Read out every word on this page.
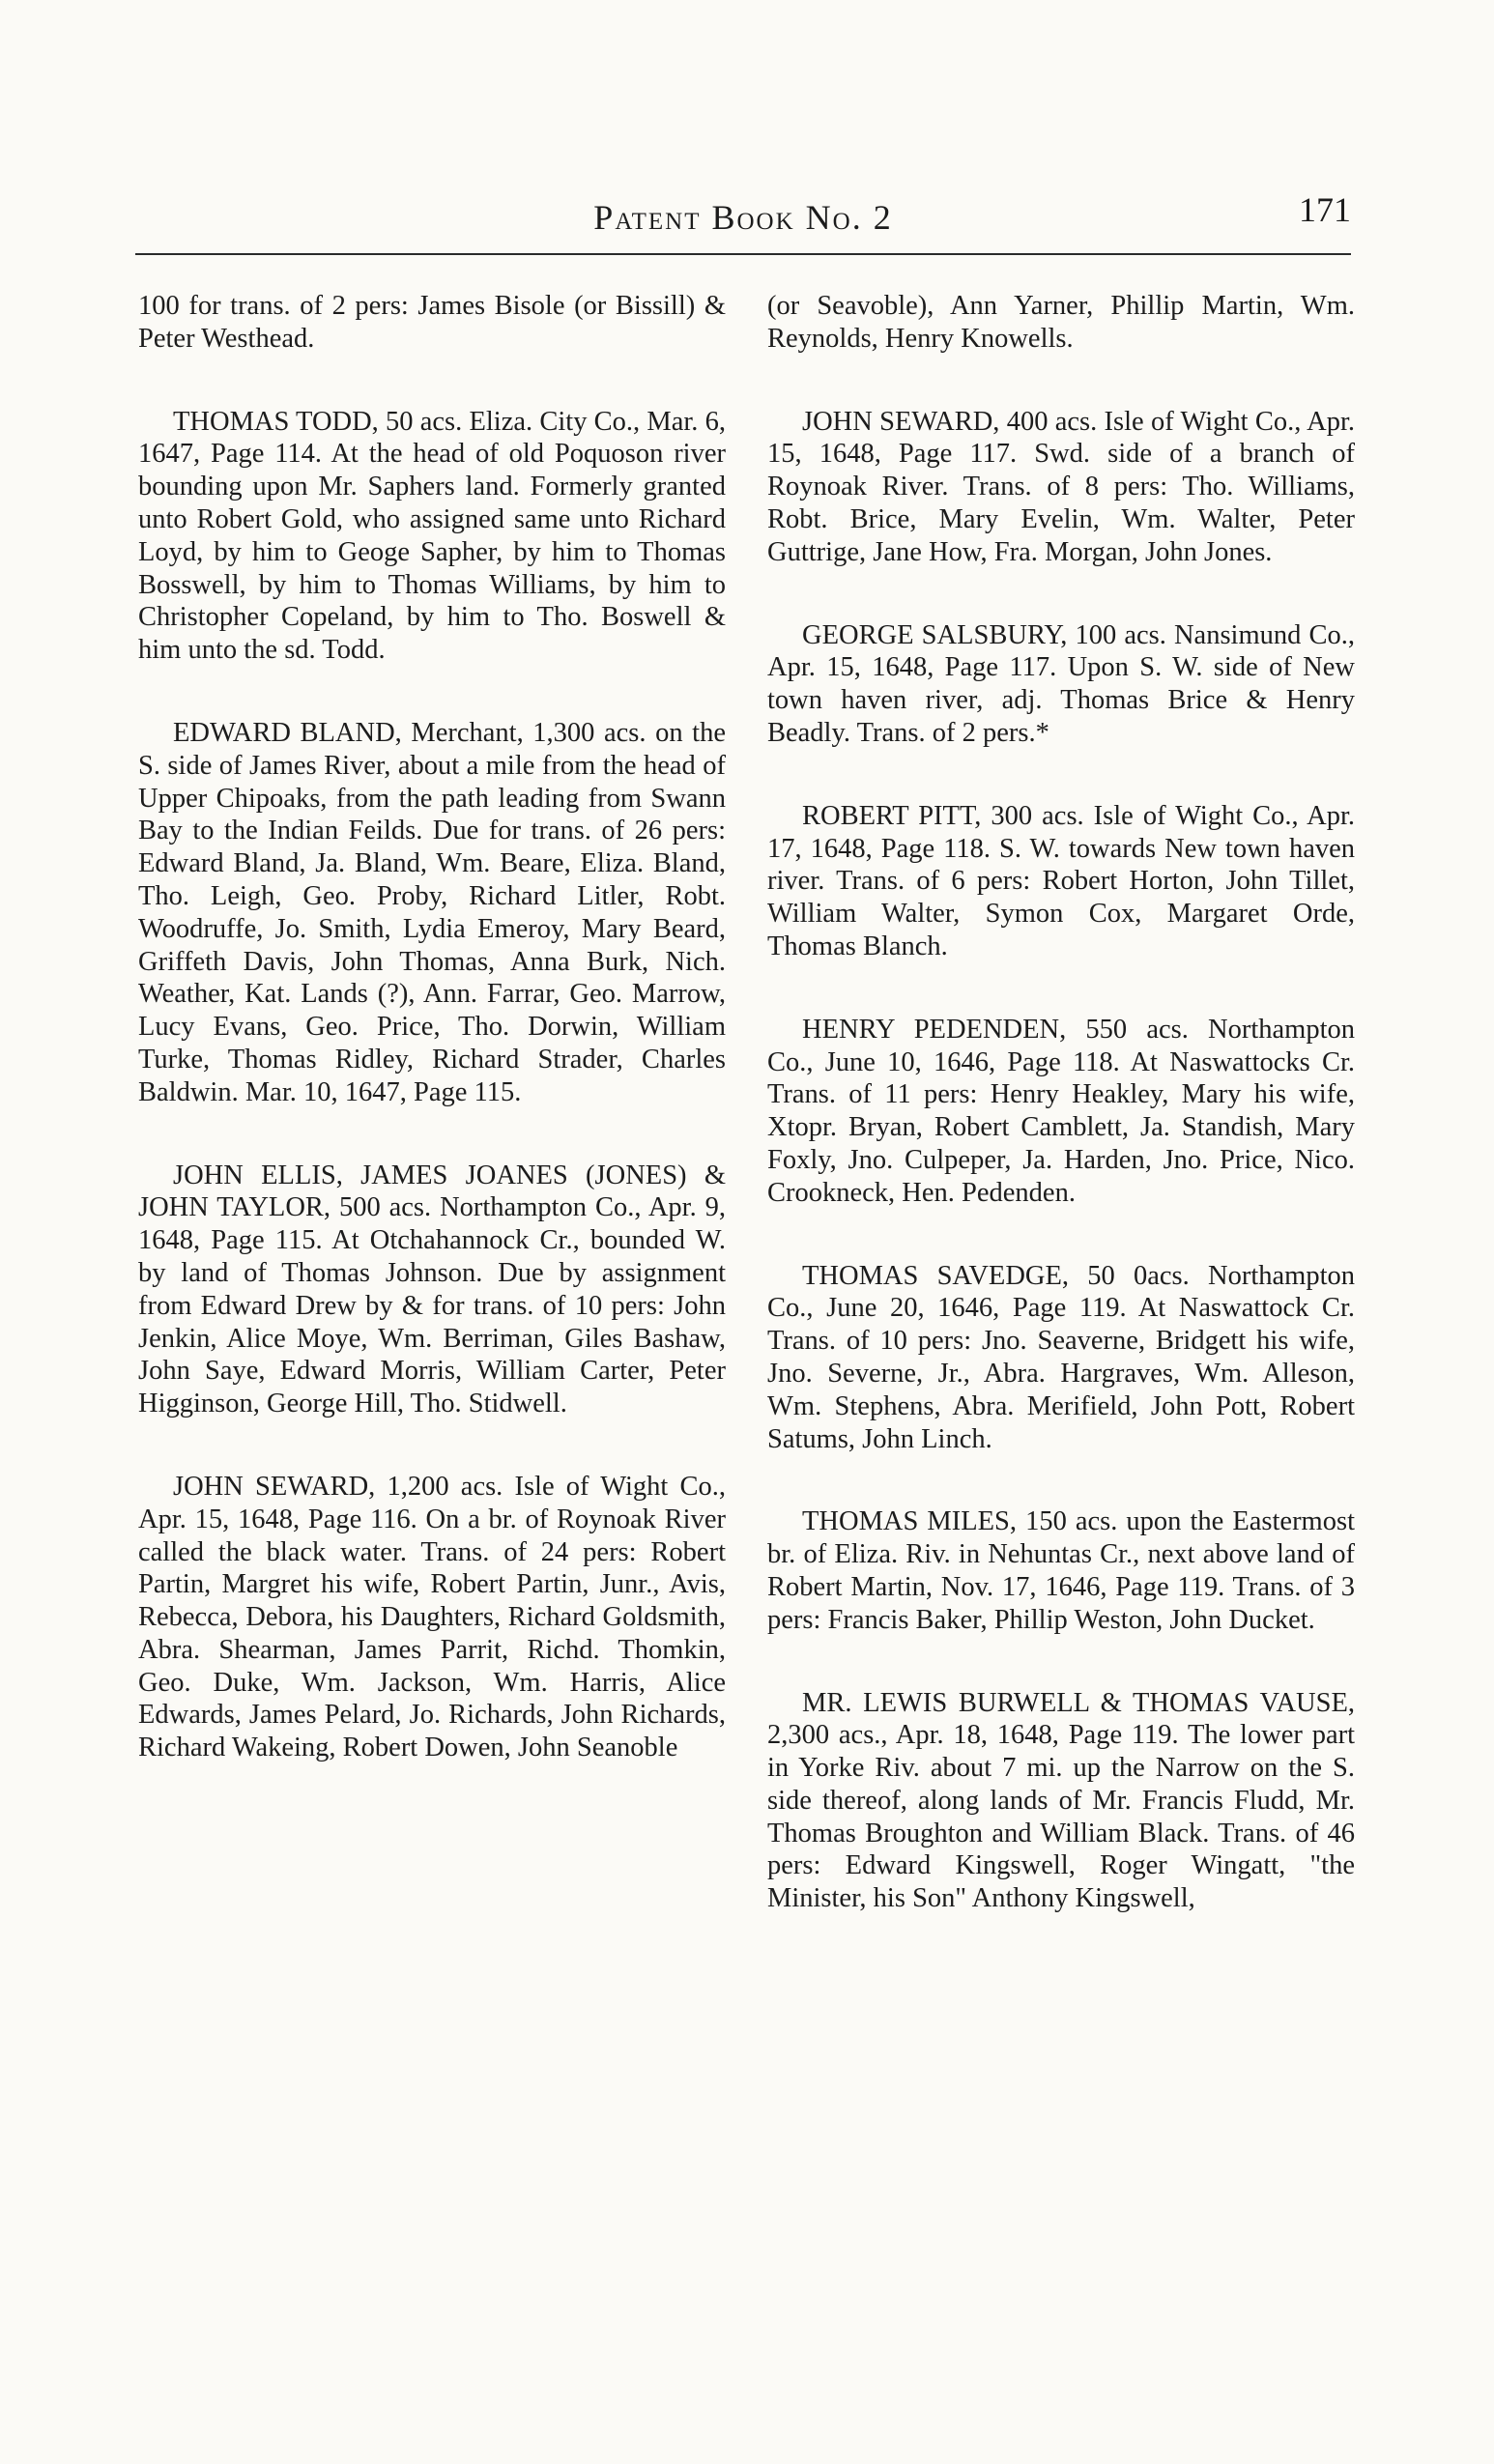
Patent Book No. 2	171

100 for trans. of 2 pers: James Bisole (or Bissill) & Peter Westhead.

THOMAS TODD, 50 acs. Eliza. City Co., Mar. 6, 1647, Page 114. At the head of old Poquoson river bounding upon Mr. Saphers land. Formerly granted unto Robert Gold, who assigned same unto Richard Loyd, by him to Geoge Sapher, by him to Thomas Bosswell, by him to Thomas Williams, by him to Christopher Copeland, by him to Tho. Boswell & him unto the sd. Todd.

EDWARD BLAND, Merchant, 1,300 acs. on the S. side of James River, about a mile from the head of Upper Chipoaks, from the path leading from Swann Bay to the Indian Feilds. Due for trans. of 26 pers: Edward Bland, Ja. Bland, Wm. Beare, Eliza. Bland, Tho. Leigh, Geo. Proby, Richard Litler, Robt. Woodruffe, Jo. Smith, Lydia Emeroy, Mary Beard, Griffeth Davis, John Thomas, Anna Burk, Nich. Weather, Kat. Lands (?), Ann. Farrar, Geo. Marrow, Lucy Evans, Geo. Price, Tho. Dorwin, William Turke, Thomas Ridley, Richard Strader, Charles Baldwin. Mar. 10, 1647, Page 115.

JOHN ELLIS, JAMES JOANES (JONES) & JOHN TAYLOR, 500 acs. Northampton Co., Apr. 9, 1648, Page 115. At Otchahannock Cr., bounded W. by land of Thomas Johnson. Due by assignment from Edward Drew by & for trans. of 10 pers: John Jenkin, Alice Moye, Wm. Berriman, Giles Bashaw, John Saye, Edward Morris, William Carter, Peter Higginson, George Hill, Tho. Stidwell.

JOHN SEWARD, 1,200 acs. Isle of Wight Co., Apr. 15, 1648, Page 116. On a br. of Roynoak River called the black water. Trans. of 24 pers: Robert Partin, Margret his wife, Robert Partin, Junr., Avis, Rebecca, Debora, his Daughters, Richard Goldsmith, Abra. Shearman, James Parrit, Richd. Thomkin, Geo. Duke, Wm. Jackson, Wm. Harris, Alice Edwards, James Pelard, Jo. Richards, John Richards, Richard Wakeing, Robert Dowen, John Seanoble

(or Seavoble), Ann Yarner, Phillip Martin, Wm. Reynolds, Henry Knowells.

JOHN SEWARD, 400 acs. Isle of Wight Co., Apr. 15, 1648, Page 117. Swd. side of a branch of Roynoak River. Trans. of 8 pers: Tho. Williams, Robt. Brice, Mary Evelin, Wm. Walter, Peter Guttrige, Jane How, Fra. Morgan, John Jones.

GEORGE SALSBURY, 100 acs. Nansimund Co., Apr. 15, 1648, Page 117. Upon S. W. side of New town haven river, adj. Thomas Brice & Henry Beadly. Trans. of 2 pers.*

ROBERT PITT, 300 acs. Isle of Wight Co., Apr. 17, 1648, Page 118. S. W. towards New town haven river. Trans. of 6 pers: Robert Horton, John Tillet, William Walter, Symon Cox, Margaret Orde, Thomas Blanch.

HENRY PEDENDEN, 550 acs. Northampton Co., June 10, 1646, Page 118. At Naswattocks Cr. Trans. of 11 pers: Henry Heakley, Mary his wife, Xtopr. Bryan, Robert Camblett, Ja. Standish, Mary Foxly, Jno. Culpeper, Ja. Harden, Jno. Price, Nico. Crookneck, Hen. Pedenden.

THOMAS SAVEDGE, 50 0acs. Northampton Co., June 20, 1646, Page 119. At Naswattock Cr. Trans. of 10 pers: Jno. Seaverne, Bridgett his wife, Jno. Severne, Jr., Abra. Hargraves, Wm. Alleson, Wm. Stephens, Abra. Merifield, John Pott, Robert Satums, John Linch.

THOMAS MILES, 150 acs. upon the Eastermost br. of Eliza. Riv. in Nehuntas Cr., next above land of Robert Martin, Nov. 17, 1646, Page 119. Trans. of 3 pers: Francis Baker, Phillip Weston, John Ducket.

MR. LEWIS BURWELL & THOMAS VAUSE, 2,300 acs., Apr. 18, 1648, Page 119. The lower part in Yorke Riv. about 7 mi. up the Narrow on the S. side thereof, along lands of Mr. Francis Fludd, Mr. Thomas Broughton and William Black. Trans. of 46 pers: Edward Kingswell, Roger Wingatt, "the Minister, his Son" Anthony Kingswell,
